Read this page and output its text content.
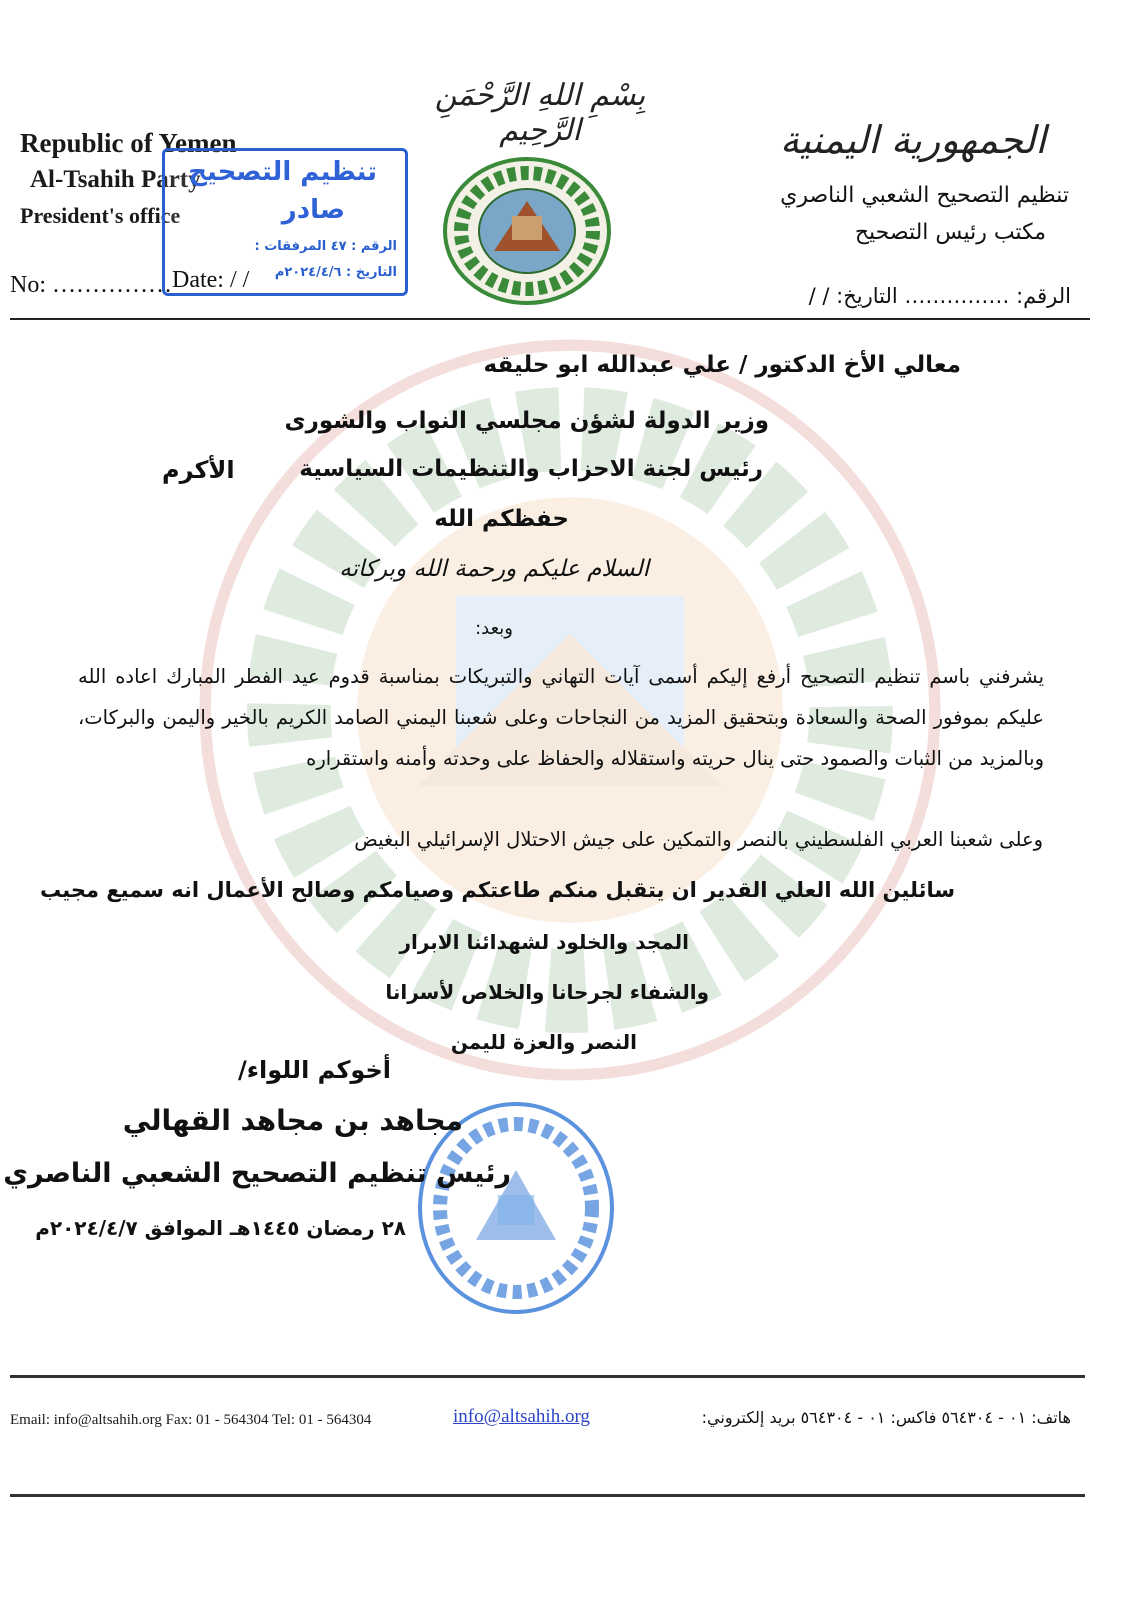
بِسْمِ اللهِ الرَّحْمَنِ الرَّحِيم
Republic of Yemen
Al-Tsahih Party
President's office
الجمهورية اليمنية
تنظيم التصحيح الشعبي الناصري
مكتب رئيس التصحيح
تنظيم التصحيح
صادر
الرقم : ٤٧ المرفقات :
التاريخ : ٢٠٢٤/٤/٦م
No: …………… Date: / /
الرقم: …………… التاريخ: / /
معالي الأخ الدكتور / علي عبدالله ابو حليقه
وزير الدولة لشؤن مجلسي النواب والشورى
رئيس لجنة الاحزاب والتنظيمات السياسية
الأكرم
حفظكم الله
السلام عليكم ورحمة الله وبركاته
وبعد:
يشرفني باسم تنظيم التصحيح أرفع إليكم أسمى آيات التهاني والتبريكات بمناسبة قدوم عيد الفطر المبارك اعاده الله عليكم بموفور الصحة والسعادة وبتحقيق المزيد من النجاحات وعلى شعبنا اليمني الصامد الكريم بالخير واليمن والبركات، وبالمزيد من الثبات والصمود حتى ينال حريته واستقلاله والحفاظ على وحدته وأمنه واستقراره
وعلى شعبنا العربي الفلسطيني بالنصر والتمكين على جيش الاحتلال الإسرائيلي البغيض
سائلين الله العلي القدير ان يتقبل منكم طاعتكم وصيامكم وصالح الأعمال انه سميع مجيب
المجد والخلود لشهدائنا الابرار
والشفاء لجرحانا والخلاص لأسرانا
النصر والعزة لليمن
أخوكم اللواء/
مجاهد بن مجاهد القهالي
رئيس تنظيم التصحيح الشعبي الناصري
٢٨ رمضان ١٤٤٥هـ الموافق ٢٠٢٤/٤/٧م
Email: info@altsahih.org Fax: 01 - 564304 Tel: 01 - 564304	info@altsahih.org	هاتف: ٠١ - ٥٦٤٣٠٤ فاكس: ٠١ - ٥٦٤٣٠٤ بريد إلكتروني:
